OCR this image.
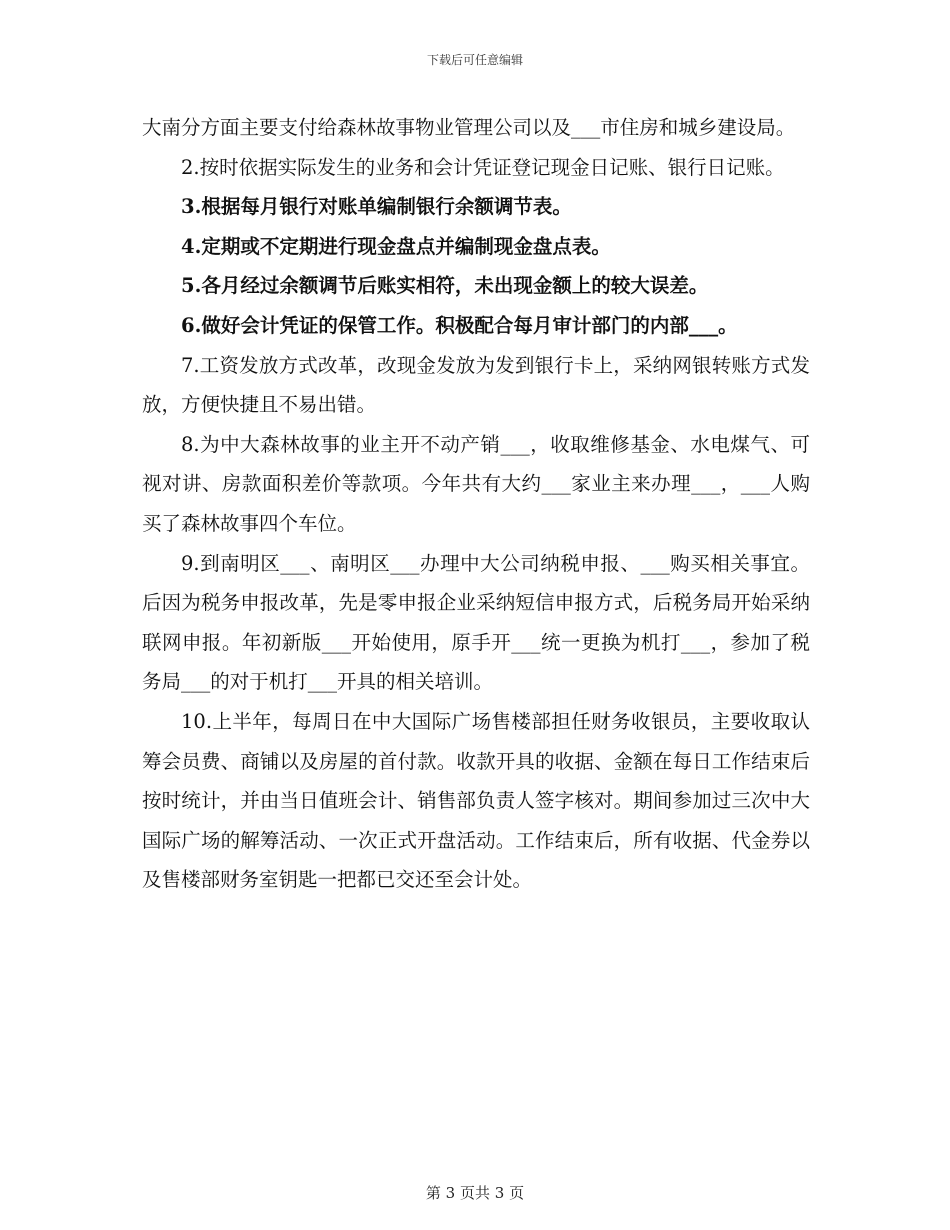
下载后可任意编辑

大南分方面主要支付给森林故事物业管理公司以及___市住房和城乡建设局。

2.按时依据实际发生的业务和会计凭证登记现金日记账、银行日记账。

3.根据每月银行对账单编制银行余额调节表。

4.定期或不定期进行现金盘点并编制现金盘点表。

5.各月经过余额调节后账实相符，未出现金额上的较大误差。

6.做好会计凭证的保管工作。积极配合每月审计部门的内部___。

7.工资发放方式改革，改现金发放为发到银行卡上，采纳网银转账方式发放，方便快捷且不易出错。

8.为中大森林故事的业主开不动产销___，收取维修基金、水电煤气、可视对讲、房款面积差价等款项。今年共有大约___家业主来办理___，___人购买了森林故事四个车位。

9.到南明区___、南明区___办理中大公司纳税申报、___购买相关事宜。后因为税务申报改革，先是零申报企业采纳短信申报方式，后税务局开始采纳联网申报。年初新版___开始使用，原手开___统一更换为机打___，参加了税务局___的对于机打___开具的相关培训。

10.上半年，每周日在中大国际广场售楼部担任财务收银员，主要收取认筹会员费、商铺以及房屋的首付款。收款开具的收据、金额在每日工作结束后按时统计，并由当日值班会计、销售部负责人签字核对。期间参加过三次中大国际广场的解筹活动、一次正式开盘活动。工作结束后，所有收据、代金券以及售楼部财务室钥匙一把都已交还至会计处。

第 3 页共 3 页
